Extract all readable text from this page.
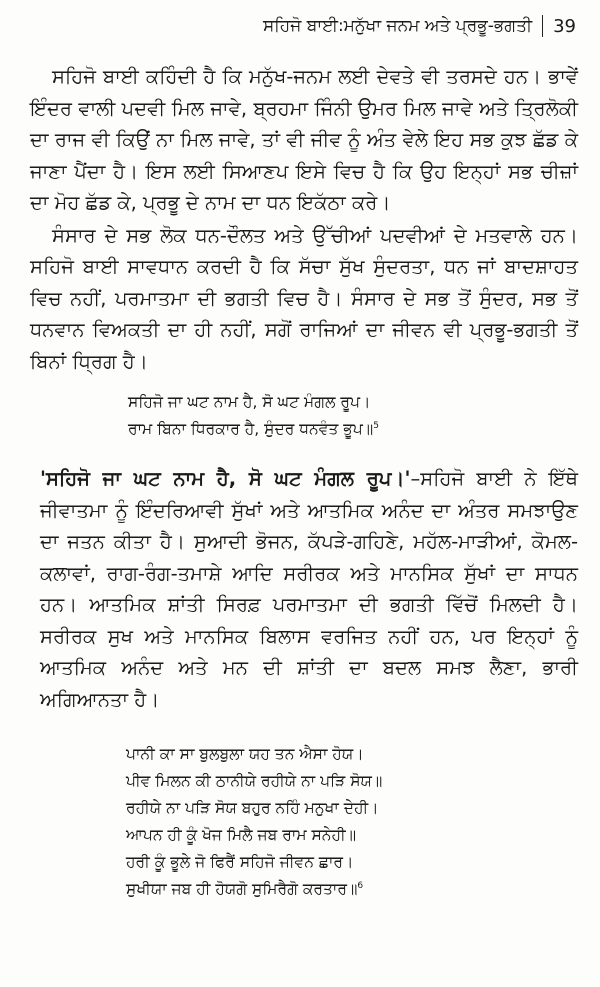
ਸਹਿਜੋ ਬਾਈ:ਮਨੁੱਖਾ ਜਨਮ ਅਤੇ ਪ੍ਰਭੂ-ਭਗਤੀ 39

ਸਹਿਜੋ ਬਾਈ ਕਹਿੰਦੀ ਹੈ ਕਿ ਮਨੁੱਖ-ਜਨਮ ਲਈ ਦੇਵਤੇ ਵੀ ਤਰਸਦੇ ਹਨ। ਭਾਵੇਂ ਇੰਦਰ ਵਾਲੀ ਪਦਵੀ ਮਿਲ ਜਾਵੇ, ਬ੍ਰਹਮਾ ਜਿੰਨੀ ਉਮਰ ਮਿਲ ਜਾਵੇ ਅਤੇ ਤ੍ਰਿਲੋਕੀ ਦਾ ਰਾਜ ਵੀ ਕਿਉਂ ਨਾ ਮਿਲ ਜਾਵੇ, ਤਾਂ ਵੀ ਜੀਵ ਨੂੰ ਅੰਤ ਵੇਲੇ ਇਹ ਸਭ ਕੁਝ ਛੱਡ ਕੇ ਜਾਣਾ ਪੈਂਦਾ ਹੈ। ਇਸ ਲਈ ਸਿਆਣਪ ਇਸੇ ਵਿਚ ਹੈ ਕਿ ਉਹ ਇਨ੍ਹਾਂ ਸਭ ਚੀਜ਼ਾਂ ਦਾ ਮੋਹ ਛੱਡ ਕੇ, ਪ੍ਰਭੂ ਦੇ ਨਾਮ ਦਾ ਧਨ ਇਕੱਠਾ ਕਰੇ।

ਸੰਸਾਰ ਦੇ ਸਭ ਲੋਕ ਧਨ-ਦੌਲਤ ਅਤੇ ਉੱਚੀਆਂ ਪਦਵੀਆਂ ਦੇ ਮਤਵਾਲੇ ਹਨ। ਸਹਿਜੋ ਬਾਈ ਸਾਵਧਾਨ ਕਰਦੀ ਹੈ ਕਿ ਸੱਚਾ ਸੁੱਖ ਸੁੰਦਰਤਾ, ਧਨ ਜਾਂ ਬਾਦਸ਼ਾਹਤ ਵਿਚ ਨਹੀਂ, ਪਰਮਾਤਮਾ ਦੀ ਭਗਤੀ ਵਿਚ ਹੈ। ਸੰਸਾਰ ਦੇ ਸਭ ਤੋਂ ਸੁੰਦਰ, ਸਭ ਤੋਂ ਧਨਵਾਨ ਵਿਅਕਤੀ ਦਾ ਹੀ ਨਹੀਂ, ਸਗੋਂ ਰਾਜਿਆਂ ਦਾ ਜੀਵਨ ਵੀ ਪ੍ਰਭੂ-ਭਗਤੀ ਤੋਂ ਬਿਨਾਂ ਧ੍ਰਿਗ ਹੈ।

ਸਹਿਜੋ ਜਾ ਘਟ ਨਾਮ ਹੈ, ਸੋ ਘਟ ਮੰਗਲ ਰੂਪ।
ਰਾਮ ਬਿਨਾ ਧਿਰਕਾਰ ਹੈ, ਸੁੰਦਰ ਧਨਵੰਤ ਭੂਪ॥$^5$

'ਸਹਿਜੋ ਜਾ ਘਟ ਨਾਮ ਹੈ, ਸੋ ਘਟ ਮੰਗਲ ਰੂਪ।'–ਸਹਿਜੋ ਬਾਈ ਨੇ ਇੱਥੇ ਜੀਵਾਤਮਾ ਨੂੰ ਇੰਦਰਿਆਵੀ ਸੁੱਖਾਂ ਅਤੇ ਆਤਮਿਕ ਅਨੰਦ ਦਾ ਅੰਤਰ ਸਮਝਾਉਣ ਦਾ ਜਤਨ ਕੀਤਾ ਹੈ। ਸੁਆਦੀ ਭੋਜਨ, ਕੱਪੜੇ-ਗਹਿਣੇ, ਮਹੱਲ-ਮਾੜੀਆਂ, ਕੋਮਲ-ਕਲਾਵਾਂ, ਰਾਗ-ਰੰਗ-ਤਮਾਸ਼ੇ ਆਦਿ ਸਰੀਰਕ ਅਤੇ ਮਾਨਸਿਕ ਸੁੱਖਾਂ ਦਾ ਸਾਧਨ ਹਨ। ਆਤਮਿਕ ਸ਼ਾਂਤੀ ਸਿਰਫ਼ ਪਰਮਾਤਮਾ ਦੀ ਭਗਤੀ ਵਿੱਚੋਂ ਮਿਲਦੀ ਹੈ। ਸਰੀਰਕ ਸੁਖ ਅਤੇ ਮਾਨਸਿਕ ਬਿਲਾਸ ਵਰਜਿਤ ਨਹੀਂ ਹਨ, ਪਰ ਇਨ੍ਹਾਂ ਨੂੰ ਆਤਮਿਕ ਅਨੰਦ ਅਤੇ ਮਨ ਦੀ ਸ਼ਾਂਤੀ ਦਾ ਬਦਲ ਸਮਝ ਲੈਣਾ, ਭਾਰੀ ਅਗਿਆਨਤਾ ਹੈ।

ਪਾਨੀ ਕਾ ਸਾ ਬੁਲਬੁਲਾ ਯਹ ਤਨ ਐਸਾ ਹੋਯ।
ਪੀਵ ਮਿਲਨ ਕੀ ਠਾਨੀਯੇ ਰਹੀਯੇ ਨਾ ਪੜਿ ਸੋਯ॥
ਰਹੀਯੇ ਨਾ ਪੜਿ ਸੋਯ ਬਹੁਰ ਨਹਿੰ ਮਨੁਖਾ ਦੇਹੀ।
ਆਪਨ ਹੀ ਕੂੰ ਖੋਜ ਮਿਲੈ ਜਬ ਰਾਮ ਸਨੇਹੀ॥
ਹਰੀ ਕੂੰ ਭੂਲੇ ਜੋ ਫਿਰੈਂ ਸਹਿਜੋ ਜੀਵਨ ਛਾਰ।
ਸੁਖੀਯਾ ਜਬ ਹੀ ਹੋਯਗੋ ਸੁਮਿਰੈਗੋ ਕਰਤਾਰ॥$^6$
